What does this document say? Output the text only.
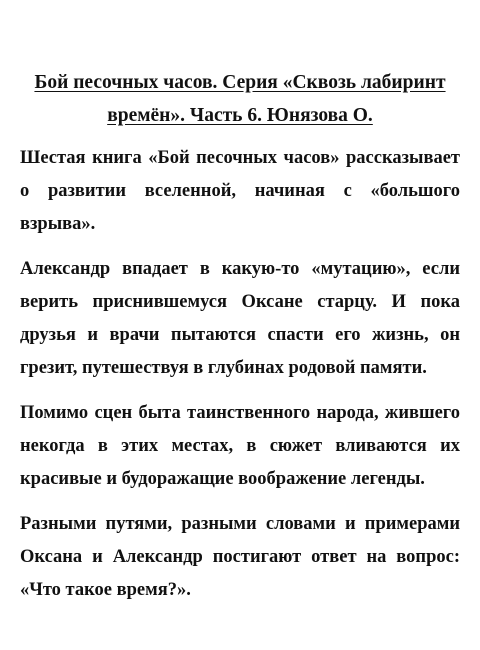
Бой песочных часов. Серия «Сквозь лабиринт времён». Часть 6. Юнязова О.

Шестая книга «Бой песочных часов» рассказывает о развитии вселенной, начиная с «большого взрыва».

Александр впадает в какую-то «мутацию», если верить приснившемуся Оксане старцу. И пока друзья и врачи пытаются спасти его жизнь, он грезит, путешествуя в глубинах родовой памяти.

Помимо сцен быта таинственного народа, жившего некогда в этих местах, в сюжет вливаются их красивые и будоражащие воображение легенды.

Разными путями, разными словами и примерами Оксана и Александр постигают ответ на вопрос: «Что такое время?».
